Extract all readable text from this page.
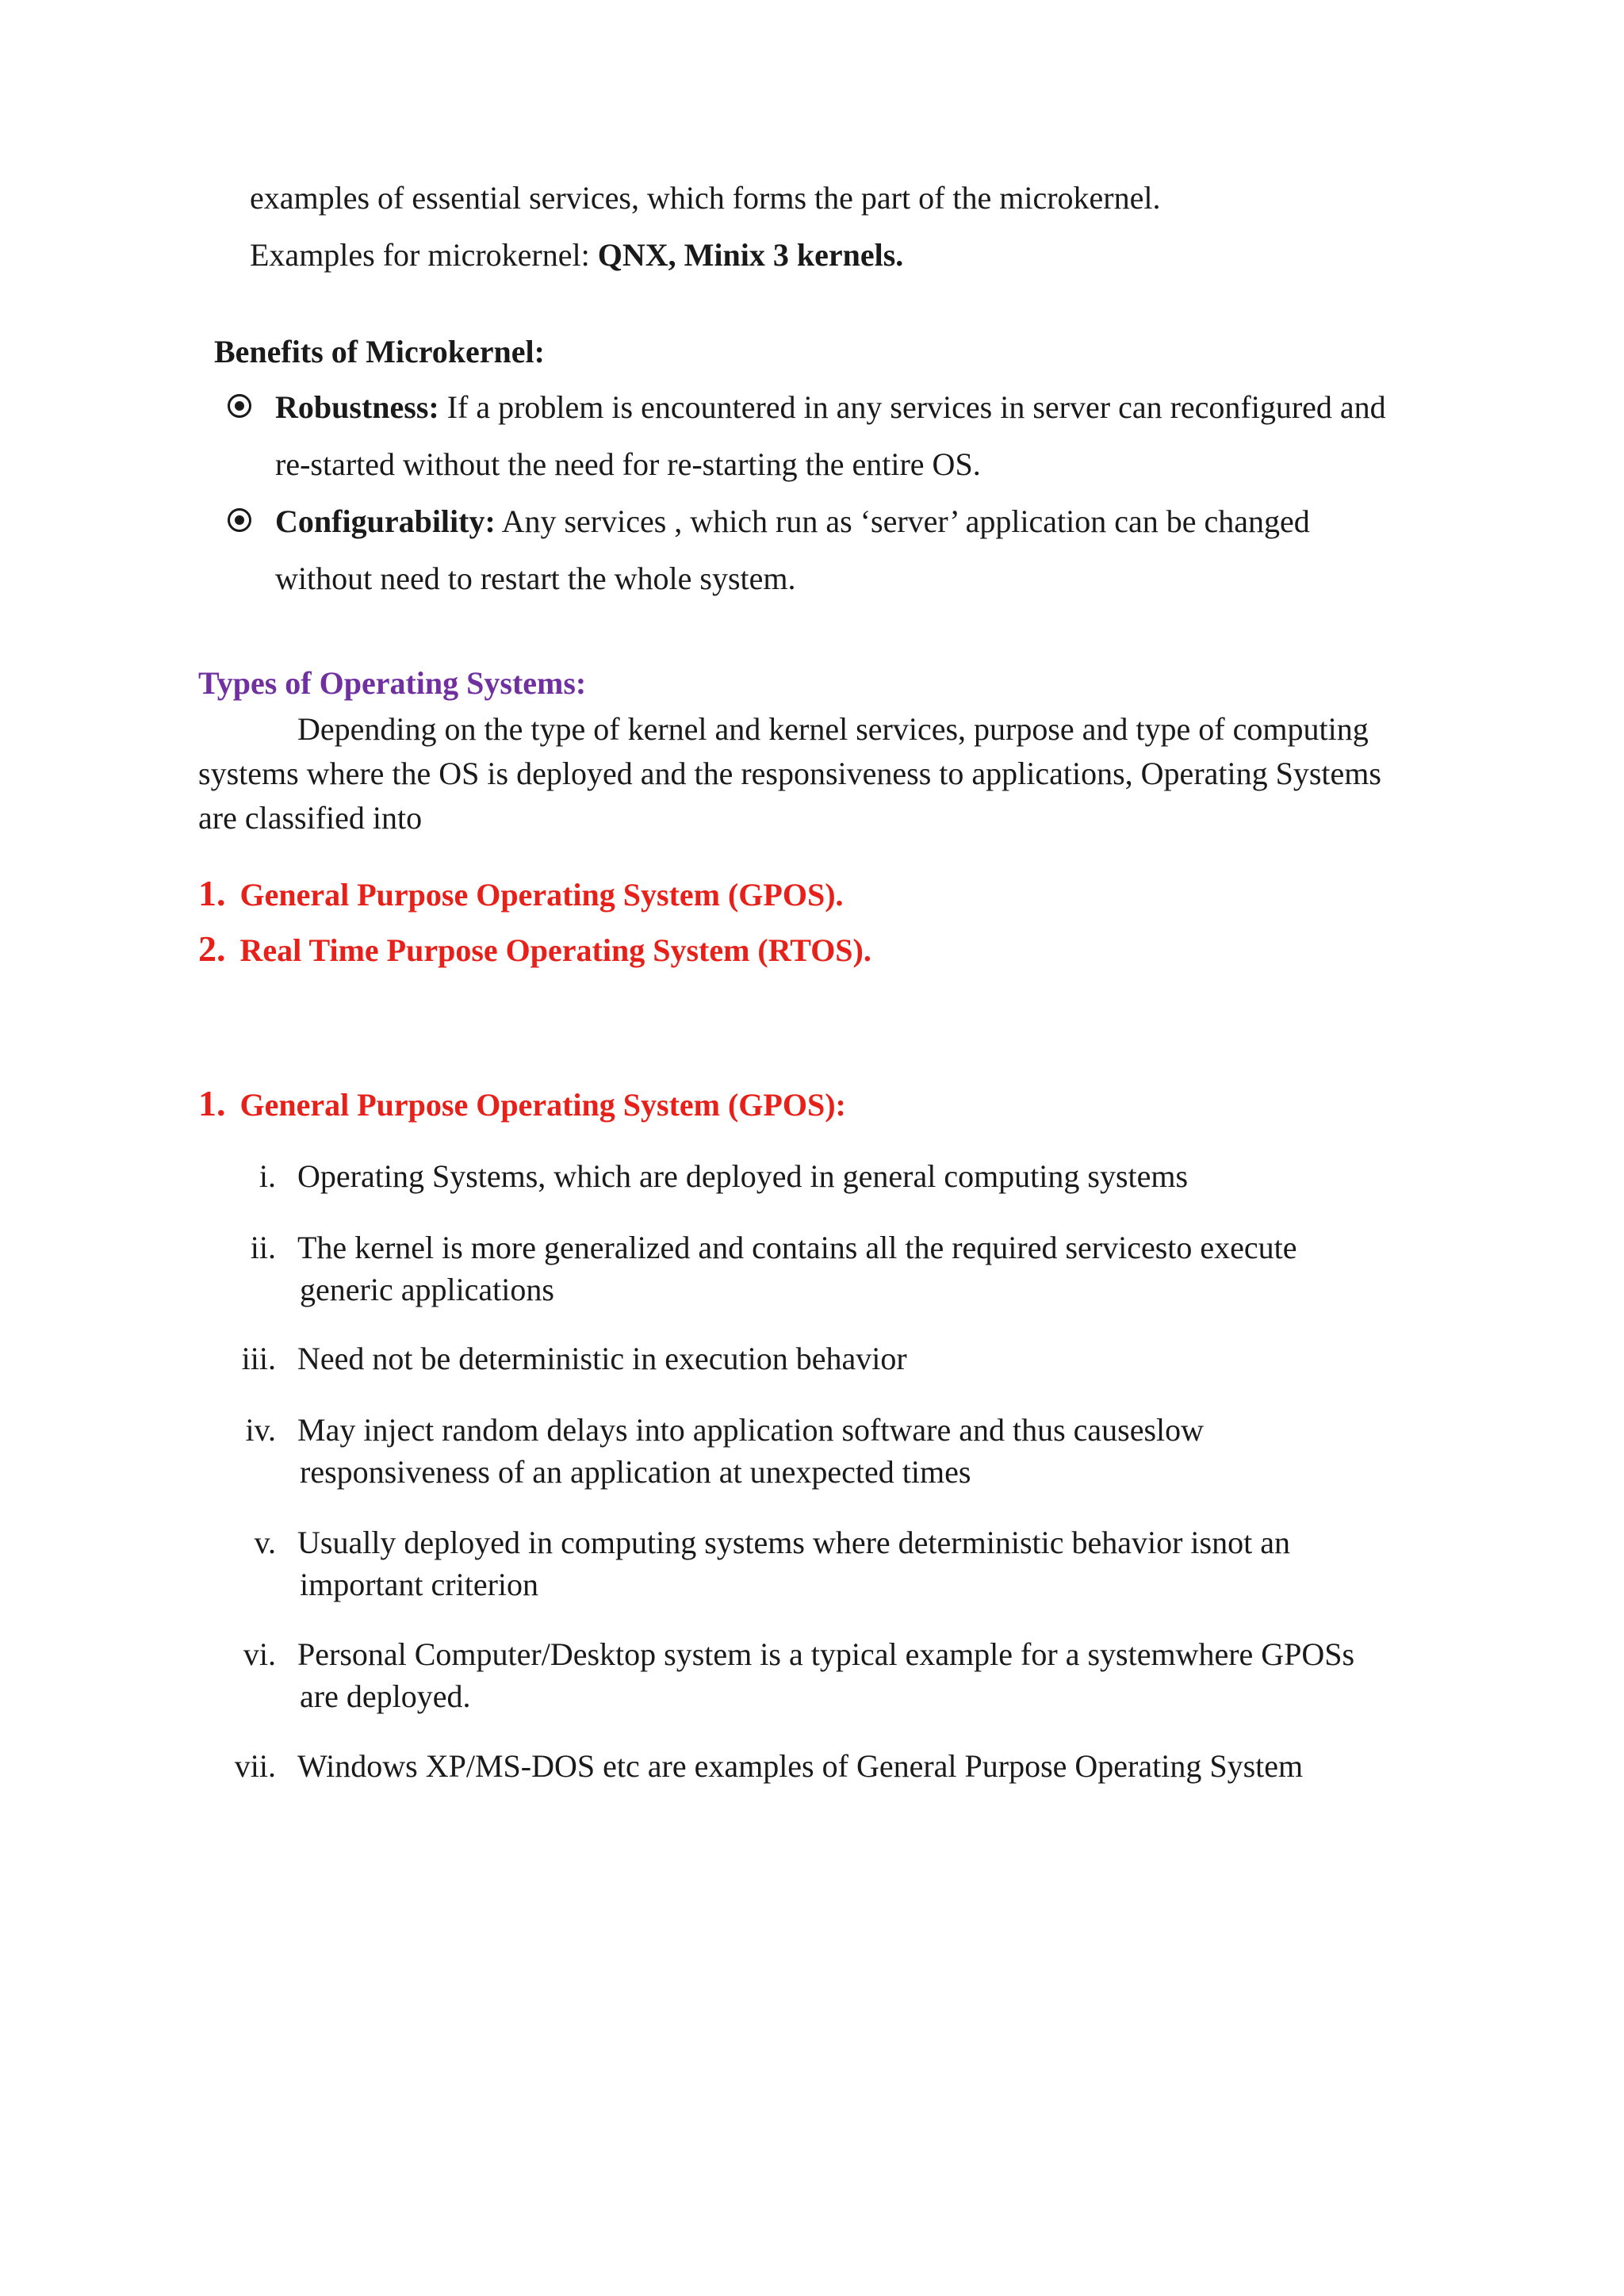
examples of essential services, which forms the part of the microkernel.
Examples for microkernel: QNX, Minix 3 kernels.
Benefits of Microkernel:
Robustness: If a problem is encountered in any services in server can reconfigured and
re-started without the need for re-starting the entire OS.
Configurability: Any services , which run as ‘server’ application can be changed
without need to restart the whole system.
Types of Operating Systems:
Depending on the type of kernel and kernel services, purpose and type of computing
systems where the OS is deployed and the responsiveness to applications, Operating Systems
are classified into
1. General Purpose Operating System (GPOS).
2. Real Time Purpose Operating System (RTOS).
1. General Purpose Operating System (GPOS):
i. Operating Systems, which are deployed in general computing systems
ii. The kernel is more generalized and contains all the required servicesto execute
generic applications
iii. Need not be deterministic in execution behavior
iv. May inject random delays into application software and thus causeslow
responsiveness of an application at unexpected times
v. Usually deployed in computing systems where deterministic behavior isnot an
important criterion
vi. Personal Computer/Desktop system is a typical example for a systemwhere GPOSs
are deployed.
vii. Windows XP/MS-DOS etc are examples of General Purpose Operating System
